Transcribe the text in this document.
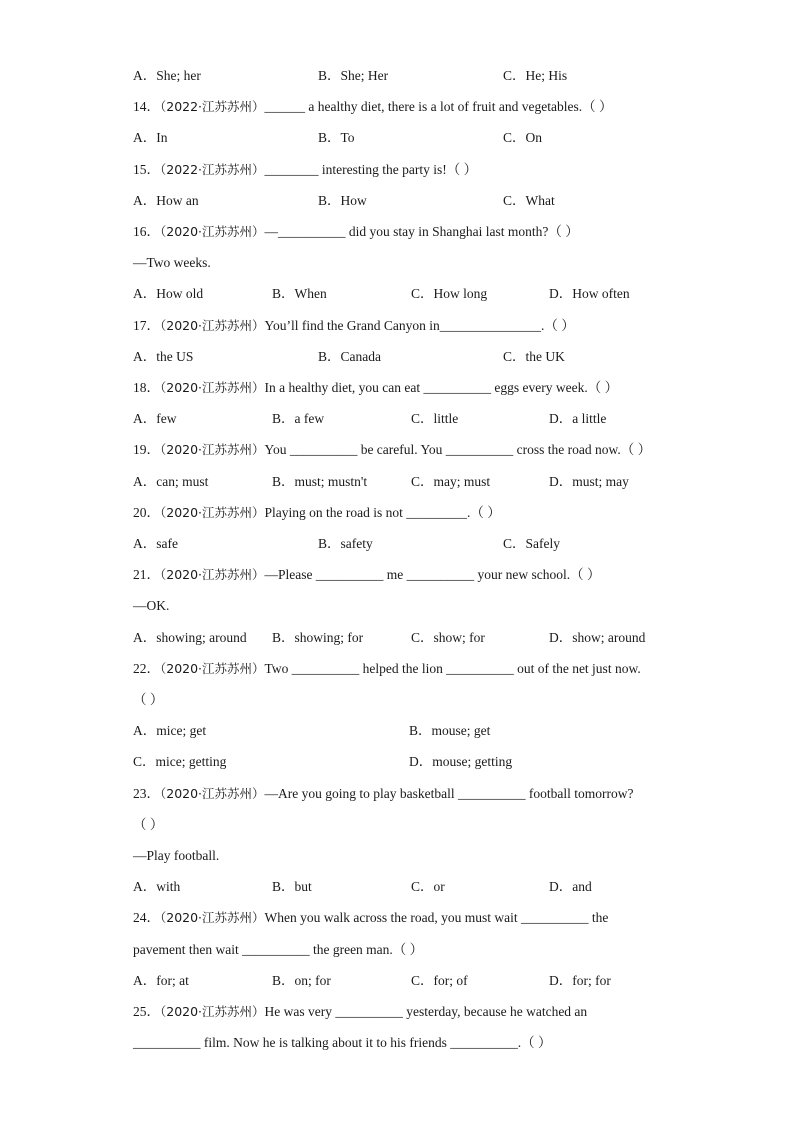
A．She; her	B．She; Her	C．He; His
14．（2022·江苏苏州）______ a healthy diet, there is a lot of fruit and vegetables.（ ）
A．In	B．To	C．On
15．（2022·江苏苏州）________ interesting the party is!（ ）
A．How an	B．How	C．What
16．（2020·江苏苏州）—__________ did you stay in Shanghai last month?（ ）
—Two weeks.
A．How old	B．When	C．How long	D．How often
17．（2020·江苏苏州）You’ll find the Grand Canyon in_______________.（ ）
A．the US	B．Canada	C．the UK
18．（2020·江苏苏州）In a healthy diet, you can eat __________ eggs every week.（ ）
A．few	B．a few	C．little	D．a little
19．（2020·江苏苏州）You __________ be careful. You __________ cross the road now.（ ）
A．can; must	B．must; mustn't	C．may; must	D．must; may
20．（2020·江苏苏州）Playing on the road is not _________.（ ）
A．safe	B．safety	C．Safely
21．（2020·江苏苏州）—Please __________ me __________ your new school.（ ）
—OK.
A．showing; around B．showing; for	C．show; for	D．show; around
22．（2020·江苏苏州）Two __________ helped the lion __________ out of the net just now.
（ ）
A．mice; get	B．mouse; get
C．mice; getting	D．mouse; getting
23．（2020·江苏苏州）—Are you going to play basketball __________ football tomorrow?
（ ）
—Play football.
A．with	B．but	C．or	D．and
24．（2020·江苏苏州）When you walk across the road, you must wait __________ the
pavement then wait __________ the green man.（ ）
A．for; at	B．on; for	C．for; of	D．for; for
25．（2020·江苏苏州）He was very __________ yesterday, because he watched an
__________ film. Now he is talking about it to his friends __________.（ ）
